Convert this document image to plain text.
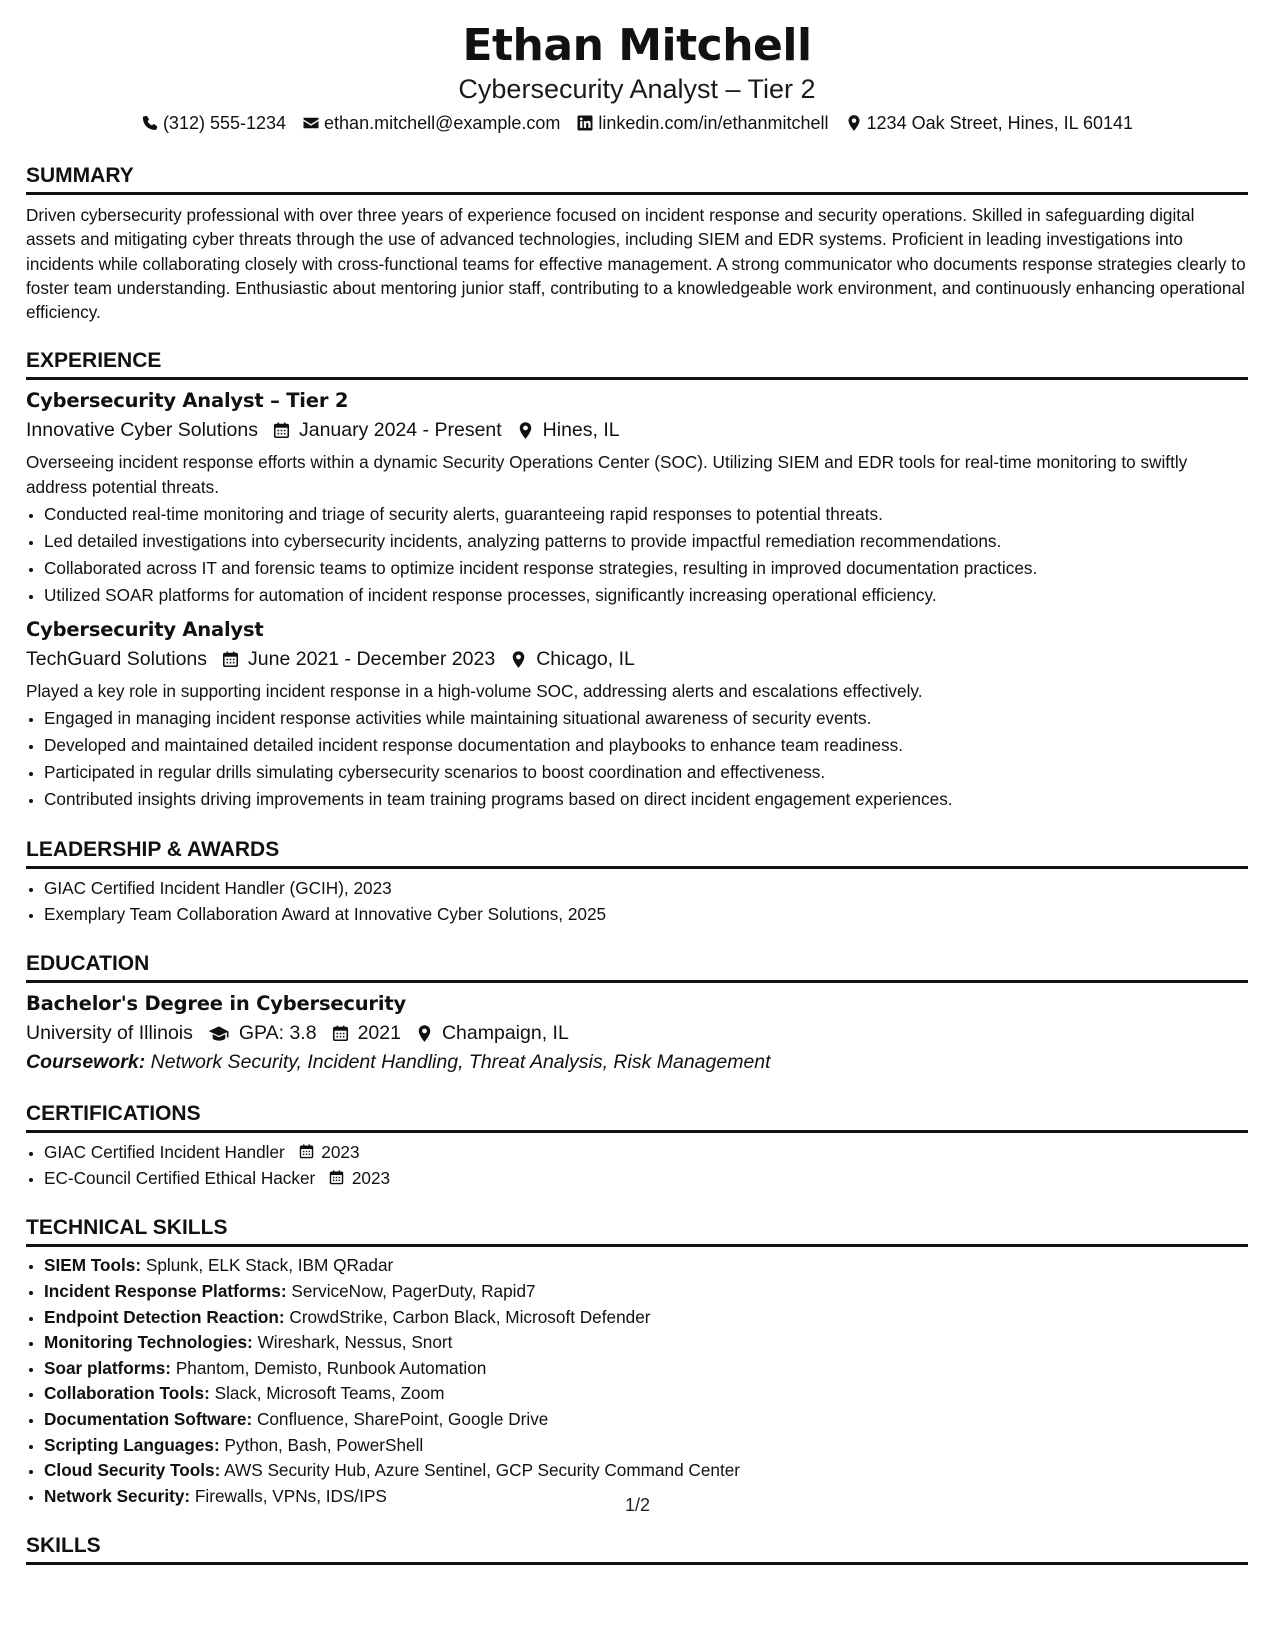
Ethan Mitchell
Cybersecurity Analyst – Tier 2
(312) 555-1234 ethan.mitchell@example.com linkedin.com/in/ethanmitchell 1234 Oak Street, Hines, IL 60141
SUMMARY
Driven cybersecurity professional with over three years of experience focused on incident response and security operations. Skilled in safeguarding digital assets and mitigating cyber threats through the use of advanced technologies, including SIEM and EDR systems. Proficient in leading investigations into incidents while collaborating closely with cross-functional teams for effective management. A strong communicator who documents response strategies clearly to foster team understanding. Enthusiastic about mentoring junior staff, contributing to a knowledgeable work environment, and continuously enhancing operational efficiency.
EXPERIENCE
Cybersecurity Analyst – Tier 2
Innovative Cyber Solutions January 2024 - Present Hines, IL
Overseeing incident response efforts within a dynamic Security Operations Center (SOC). Utilizing SIEM and EDR tools for real-time monitoring to swiftly address potential threats.
• Conducted real-time monitoring and triage of security alerts, guaranteeing rapid responses to potential threats.
• Led detailed investigations into cybersecurity incidents, analyzing patterns to provide impactful remediation recommendations.
• Collaborated across IT and forensic teams to optimize incident response strategies, resulting in improved documentation practices.
• Utilized SOAR platforms for automation of incident response processes, significantly increasing operational efficiency.
Cybersecurity Analyst
TechGuard Solutions June 2021 - December 2023 Chicago, IL
Played a key role in supporting incident response in a high-volume SOC, addressing alerts and escalations effectively.
• Engaged in managing incident response activities while maintaining situational awareness of security events.
• Developed and maintained detailed incident response documentation and playbooks to enhance team readiness.
• Participated in regular drills simulating cybersecurity scenarios to boost coordination and effectiveness.
• Contributed insights driving improvements in team training programs based on direct incident engagement experiences.
LEADERSHIP & AWARDS
• GIAC Certified Incident Handler (GCIH), 2023
• Exemplary Team Collaboration Award at Innovative Cyber Solutions, 2025
EDUCATION
Bachelor's Degree in Cybersecurity
University of Illinois GPA: 3.8 2021 Champaign, IL
Coursework: Network Security, Incident Handling, Threat Analysis, Risk Management
CERTIFICATIONS
• GIAC Certified Incident Handler 2023
• EC-Council Certified Ethical Hacker 2023
TECHNICAL SKILLS
• SIEM Tools: Splunk, ELK Stack, IBM QRadar
• Incident Response Platforms: ServiceNow, PagerDuty, Rapid7
• Endpoint Detection Reaction: CrowdStrike, Carbon Black, Microsoft Defender
• Monitoring Technologies: Wireshark, Nessus, Snort
• Soar platforms: Phantom, Demisto, Runbook Automation
• Collaboration Tools: Slack, Microsoft Teams, Zoom
• Documentation Software: Confluence, SharePoint, Google Drive
• Scripting Languages: Python, Bash, PowerShell
• Cloud Security Tools: AWS Security Hub, Azure Sentinel, GCP Security Command Center
• Network Security: Firewalls, VPNs, IDS/IPS
SKILLS
1/2
